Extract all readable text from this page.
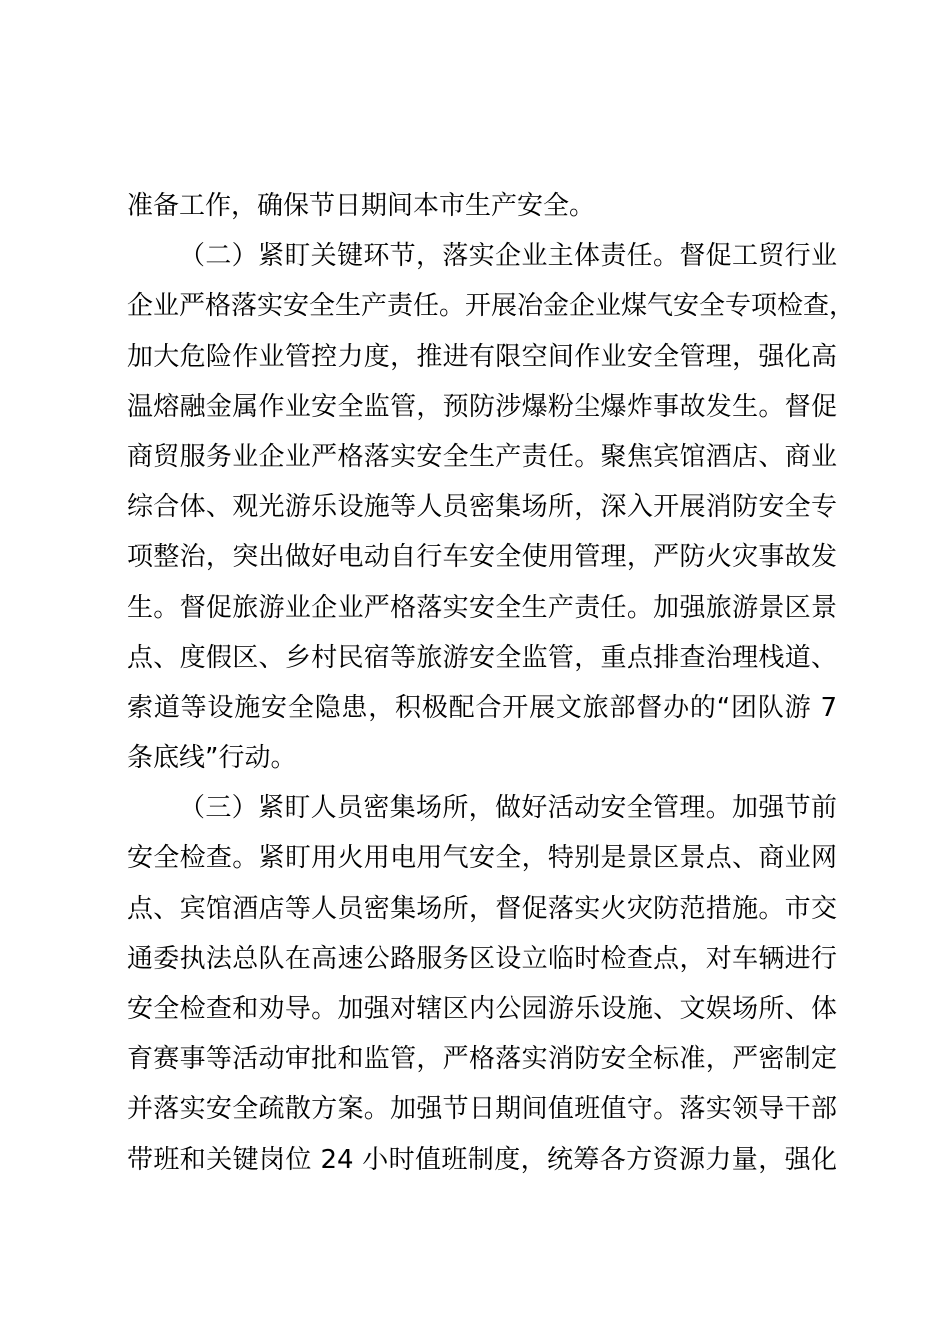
准备工作，确保节日期间本市生产安全。
（二）紧盯关键环节，落实企业主体责任。督促工贸行业
企业严格落实安全生产责任。开展冶金企业煤气安全专项检查，
加大危险作业管控力度，推进有限空间作业安全管理，强化高
温熔融金属作业安全监管，预防涉爆粉尘爆炸事故发生。督促
商贸服务业企业严格落实安全生产责任。聚焦宾馆酒店、商业
综合体、观光游乐设施等人员密集场所，深入开展消防安全专
项整治，突出做好电动自行车安全使用管理，严防火灾事故发
生。督促旅游业企业严格落实安全生产责任。加强旅游景区景
点、度假区、乡村民宿等旅游安全监管，重点排查治理栈道、
索道等设施安全隐患，积极配合开展文旅部督办的“团队游 7
条底线”行动。
（三）紧盯人员密集场所，做好活动安全管理。加强节前
安全检查。紧盯用火用电用气安全，特别是景区景点、商业网
点、宾馆酒店等人员密集场所，督促落实火灾防范措施。市交
通委执法总队在高速公路服务区设立临时检查点，对车辆进行
安全检查和劝导。加强对辖区内公园游乐设施、文娱场所、体
育赛事等活动审批和监管，严格落实消防安全标准，严密制定
并落实安全疏散方案。加强节日期间值班值守。落实领导干部
带班和关键岗位 24 小时值班制度，统筹各方资源力量，强化
